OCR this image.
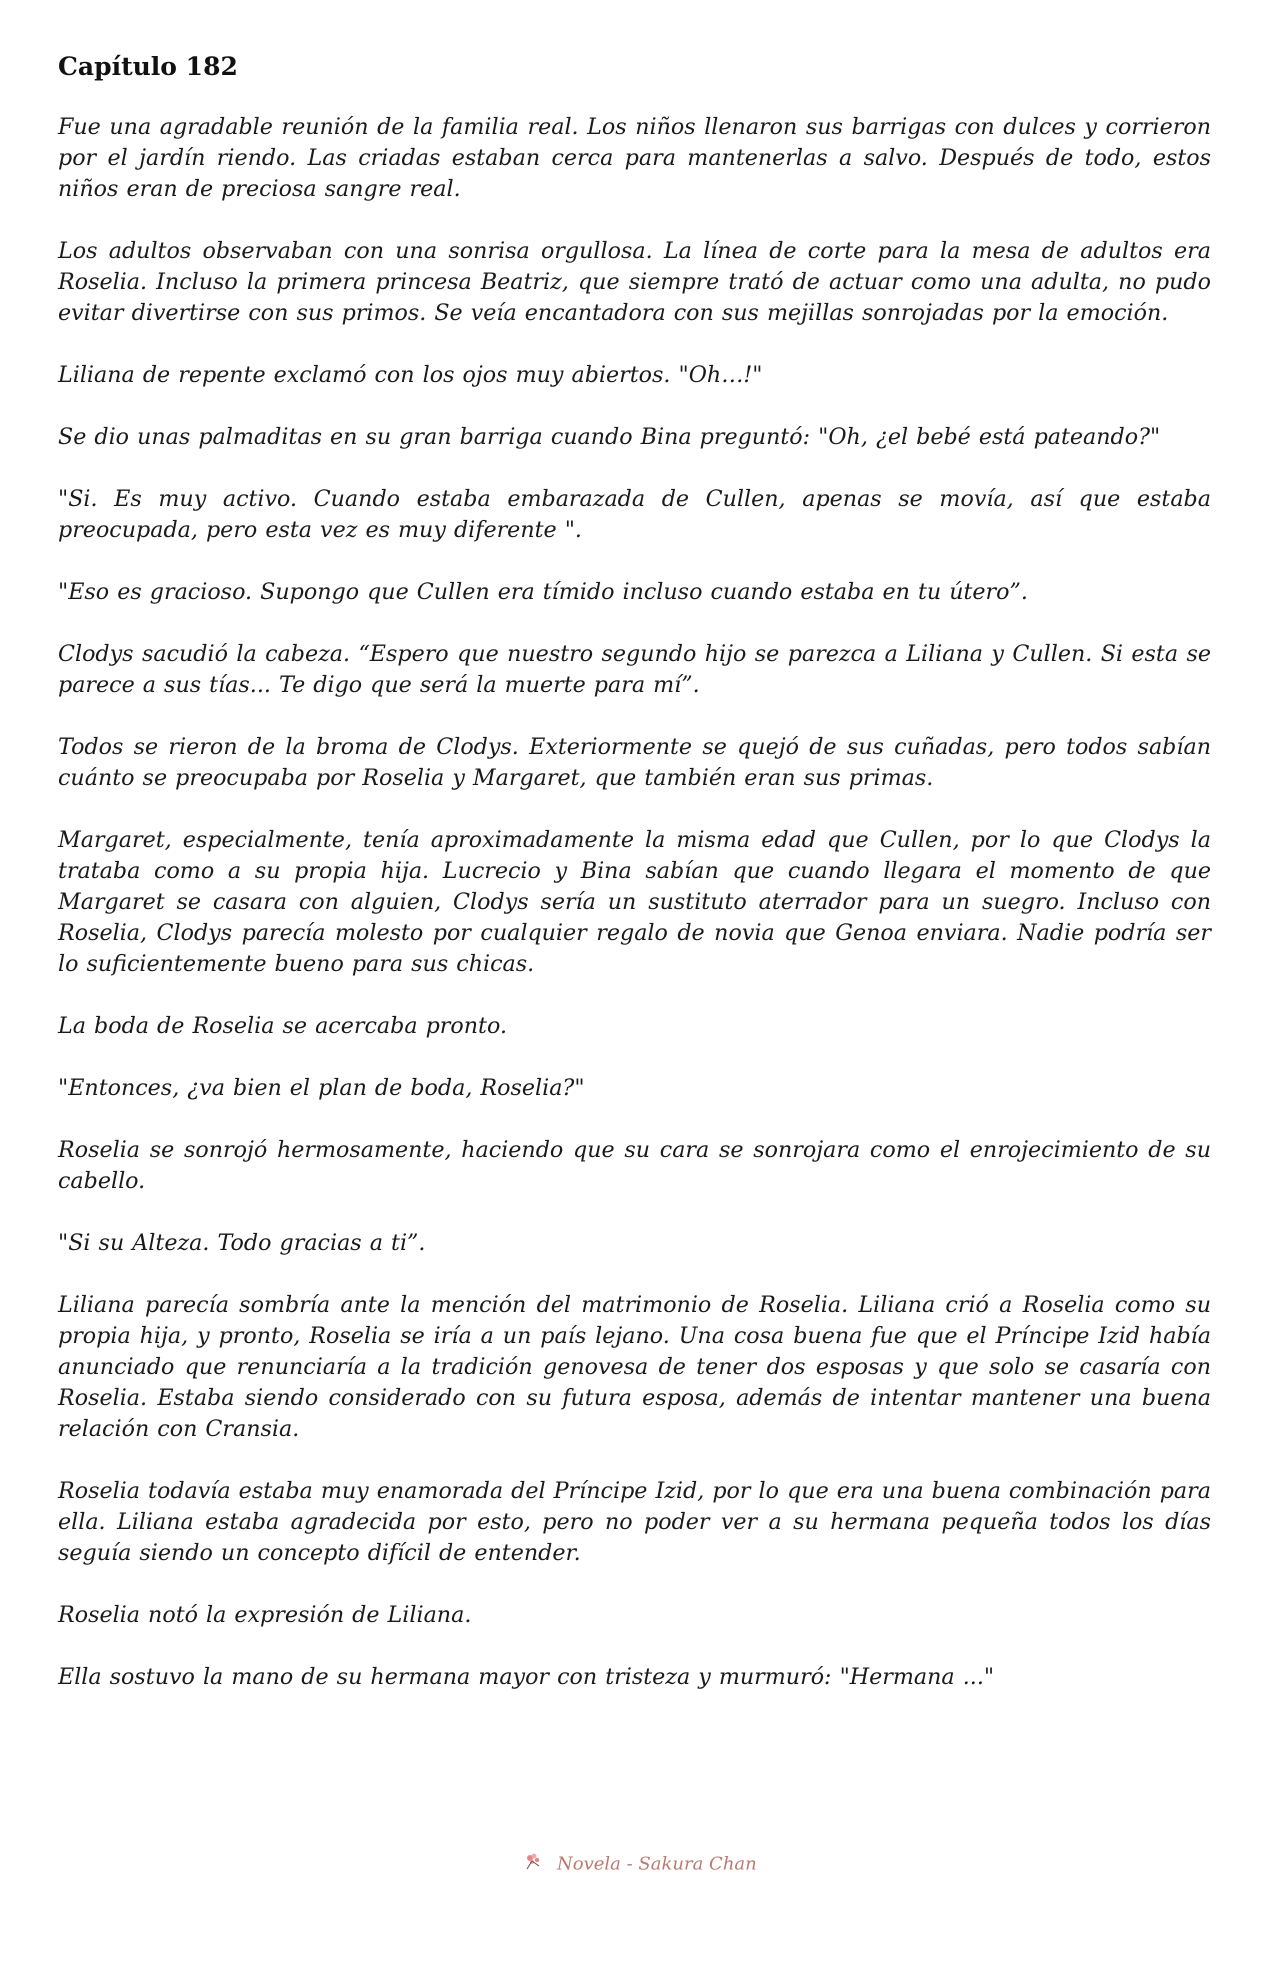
Capítulo 182

Fue una agradable reunión de la familia real. Los niños llenaron sus barrigas con dulces y corrieron por el jardín riendo. Las criadas estaban cerca para mantenerlas a salvo. Después de todo, estos niños eran de preciosa sangre real.

Los adultos observaban con una sonrisa orgullosa. La línea de corte para la mesa de adultos era Roselia. Incluso la primera princesa Beatriz, que siempre trató de actuar como una adulta, no pudo evitar divertirse con sus primos. Se veía encantadora con sus mejillas sonrojadas por la emoción.

Liliana de repente exclamó con los ojos muy abiertos. "Oh…!"

Se dio unas palmaditas en su gran barriga cuando Bina preguntó: "Oh, ¿el bebé está pateando?"

"Si. Es muy activo. Cuando estaba embarazada de Cullen, apenas se movía, así que estaba preocupada, pero esta vez es muy diferente ".

"Eso es gracioso. Supongo que Cullen era tímido incluso cuando estaba en tu útero”.

Clodys sacudió la cabeza. “Espero que nuestro segundo hijo se parezca a Liliana y Cullen. Si esta se parece a sus tías... Te digo que será la muerte para mí”.

Todos se rieron de la broma de Clodys. Exteriormente se quejó de sus cuñadas, pero todos sabían cuánto se preocupaba por Roselia y Margaret, que también eran sus primas.

Margaret, especialmente, tenía aproximadamente la misma edad que Cullen, por lo que Clodys la trataba como a su propia hija. Lucrecio y Bina sabían que cuando llegara el momento de que Margaret se casara con alguien, Clodys sería un sustituto aterrador para un suegro. Incluso con Roselia, Clodys parecía molesto por cualquier regalo de novia que Genoa enviara. Nadie podría ser lo suficientemente bueno para sus chicas.

La boda de Roselia se acercaba pronto.

"Entonces, ¿va bien el plan de boda, Roselia?"

Roselia se sonrojó hermosamente, haciendo que su cara se sonrojara como el enrojecimiento de su cabello.

"Si su Alteza. Todo gracias a ti”.

Liliana parecía sombría ante la mención del matrimonio de Roselia. Liliana crió a Roselia como su propia hija, y pronto, Roselia se iría a un país lejano. Una cosa buena fue que el Príncipe Izid había anunciado que renunciaría a la tradición genovesa de tener dos esposas y que solo se casaría con Roselia. Estaba siendo considerado con su futura esposa, además de intentar mantener una buena relación con Cransia.

Roselia todavía estaba muy enamorada del Príncipe Izid, por lo que era una buena combinación para ella. Liliana estaba agradecida por esto, pero no poder ver a su hermana pequeña todos los días seguía siendo un concepto difícil de entender.

Roselia notó la expresión de Liliana.

Ella sostuvo la mano de su hermana mayor con tristeza y murmuró: "Hermana ..."

Novela - Sakura Chan
